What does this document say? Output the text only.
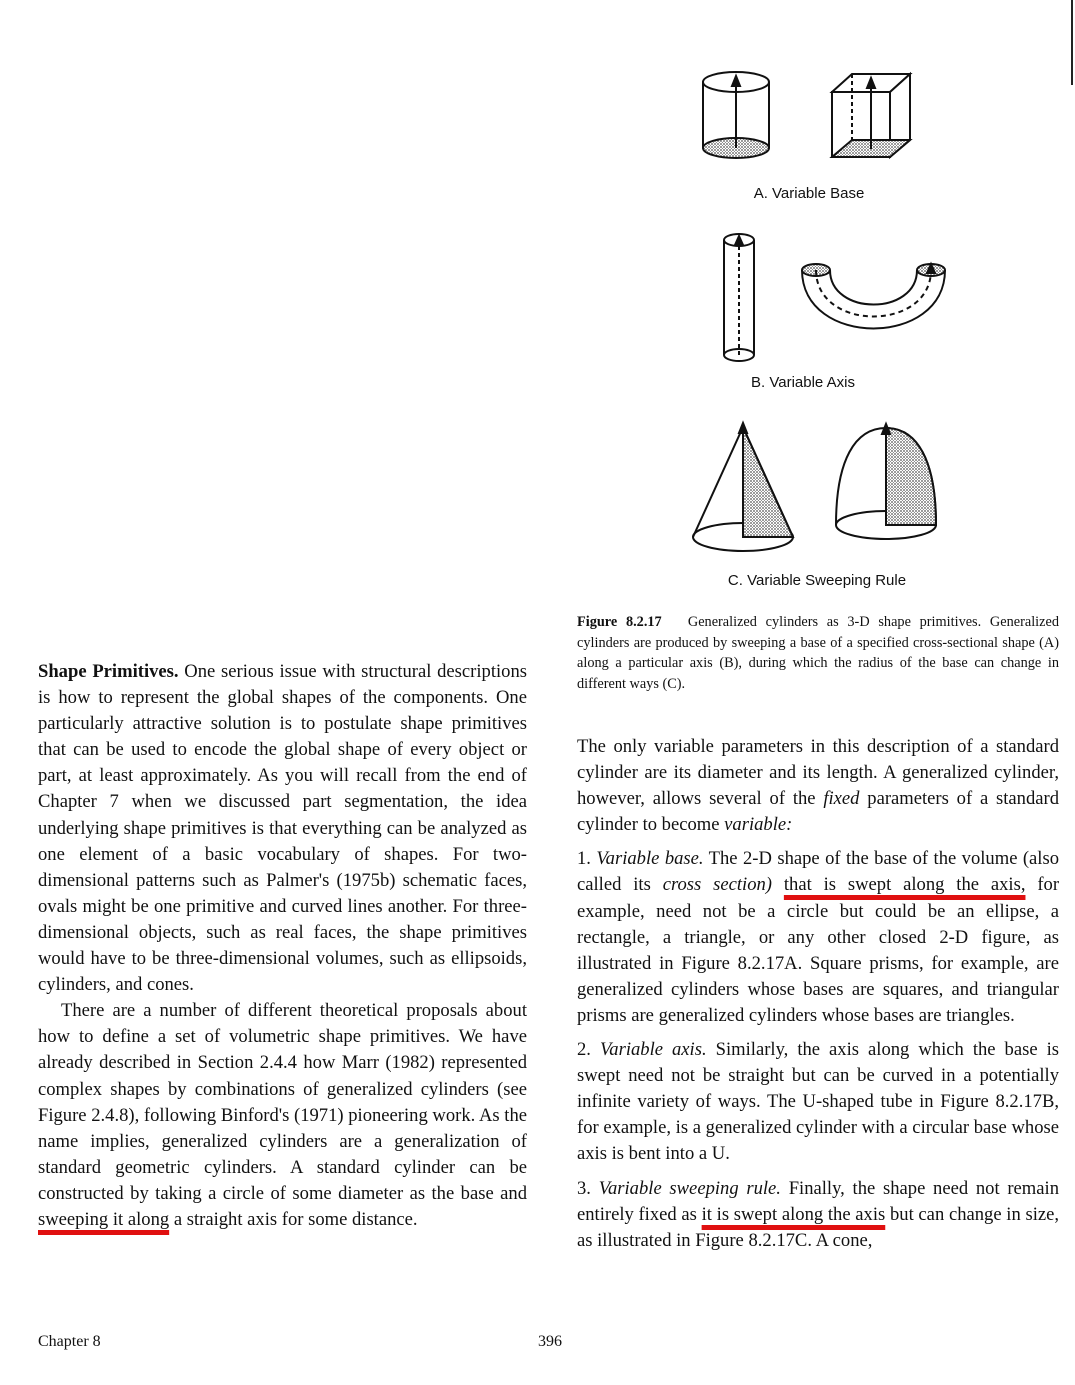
A. Variable Base
B. Variable Axis
C. Variable Sweeping Rule
Figure 8.2.17 Generalized cylinders as 3-D shape primitives. Generalized cylinders are produced by sweeping a base of a specified cross-sectional shape (A) along a particular axis (B), during which the radius of the base can change in different ways (C).

Shape Primitives. One serious issue with structural descriptions is how to represent the global shapes of the components. One particularly attractive solution is to postulate shape primitives that can be used to encode the global shape of every object or part, at least approximately. As you will recall from the end of Chapter 7 when we discussed part segmentation, the idea underlying shape primitives is that everything can be analyzed as one element of a basic vocabulary of shapes. For two-dimensional patterns such as Palmer's (1975b) schematic faces, ovals might be one primitive and curved lines another. For three-dimensional objects, such as real faces, the shape primitives would have to be three-dimensional volumes, such as ellipsoids, cylinders, and cones.

There are a number of different theoretical proposals about how to define a set of volumetric shape primitives. We have already described in Section 2.4.4 how Marr (1982) represented complex shapes by combinations of generalized cylinders (see Figure 2.4.8), following Binford's (1971) pioneering work. As the name implies, generalized cylinders are a generalization of standard geometric cylinders. A standard cylinder can be constructed by taking a circle of some diameter as the base and sweeping it along a straight axis for some distance.

The only variable parameters in this description of a standard cylinder are its diameter and its length. A generalized cylinder, however, allows several of the fixed parameters of a standard cylinder to become variable:

1. Variable base. The 2-D shape of the base of the volume (also called its cross section) that is swept along the axis, for example, need not be a circle but could be an ellipse, a rectangle, a triangle, or any other closed 2-D figure, as illustrated in Figure 8.2.17A. Square prisms, for example, are generalized cylinders whose bases are squares, and triangular prisms are generalized cylinders whose bases are triangles.

2. Variable axis. Similarly, the axis along which the base is swept need not be straight but can be curved in a potentially infinite variety of ways. The U-shaped tube in Figure 8.2.17B, for example, is a generalized cylinder with a circular base whose axis is bent into a U.

3. Variable sweeping rule. Finally, the shape need not remain entirely fixed as it is swept along the axis but can change in size, as illustrated in Figure 8.2.17C. A cone,

Chapter 8	396
